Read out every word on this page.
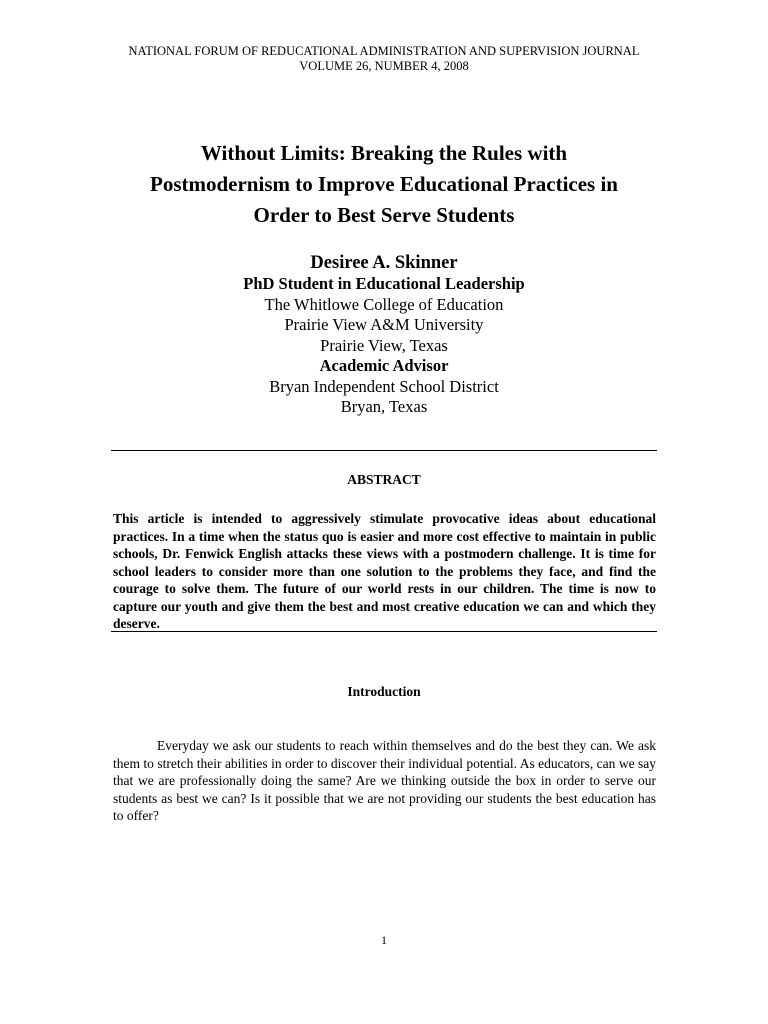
NATIONAL FORUM OF REDUCATIONAL ADMINISTRATION AND SUPERVISION JOURNAL
VOLUME 26, NUMBER 4, 2008
Without Limits: Breaking the Rules with
Postmodernism to Improve Educational Practices in
Order to Best Serve Students
Desiree A. Skinner
PhD Student in Educational Leadership
The Whitlowe College of Education
Prairie View A&M University
Prairie View, Texas
Academic Advisor
Bryan Independent School District
Bryan, Texas
ABSTRACT

This article is intended to aggressively stimulate provocative ideas about educational practices. In a time when the status quo is easier and more cost effective to maintain in public schools, Dr. Fenwick English attacks these views with a postmodern challenge. It is time for school leaders to consider more than one solution to the problems they face, and find the courage to solve them. The future of our world rests in our children. The time is now to capture our youth and give them the best and most creative education we can and which they deserve.

Introduction

Everyday we ask our students to reach within themselves and do the best they can. We ask them to stretch their abilities in order to discover their individual potential. As educators, can we say that we are professionally doing the same? Are we thinking outside the box in order to serve our students as best we can? Is it possible that we are not providing our students the best education has to offer?

1
